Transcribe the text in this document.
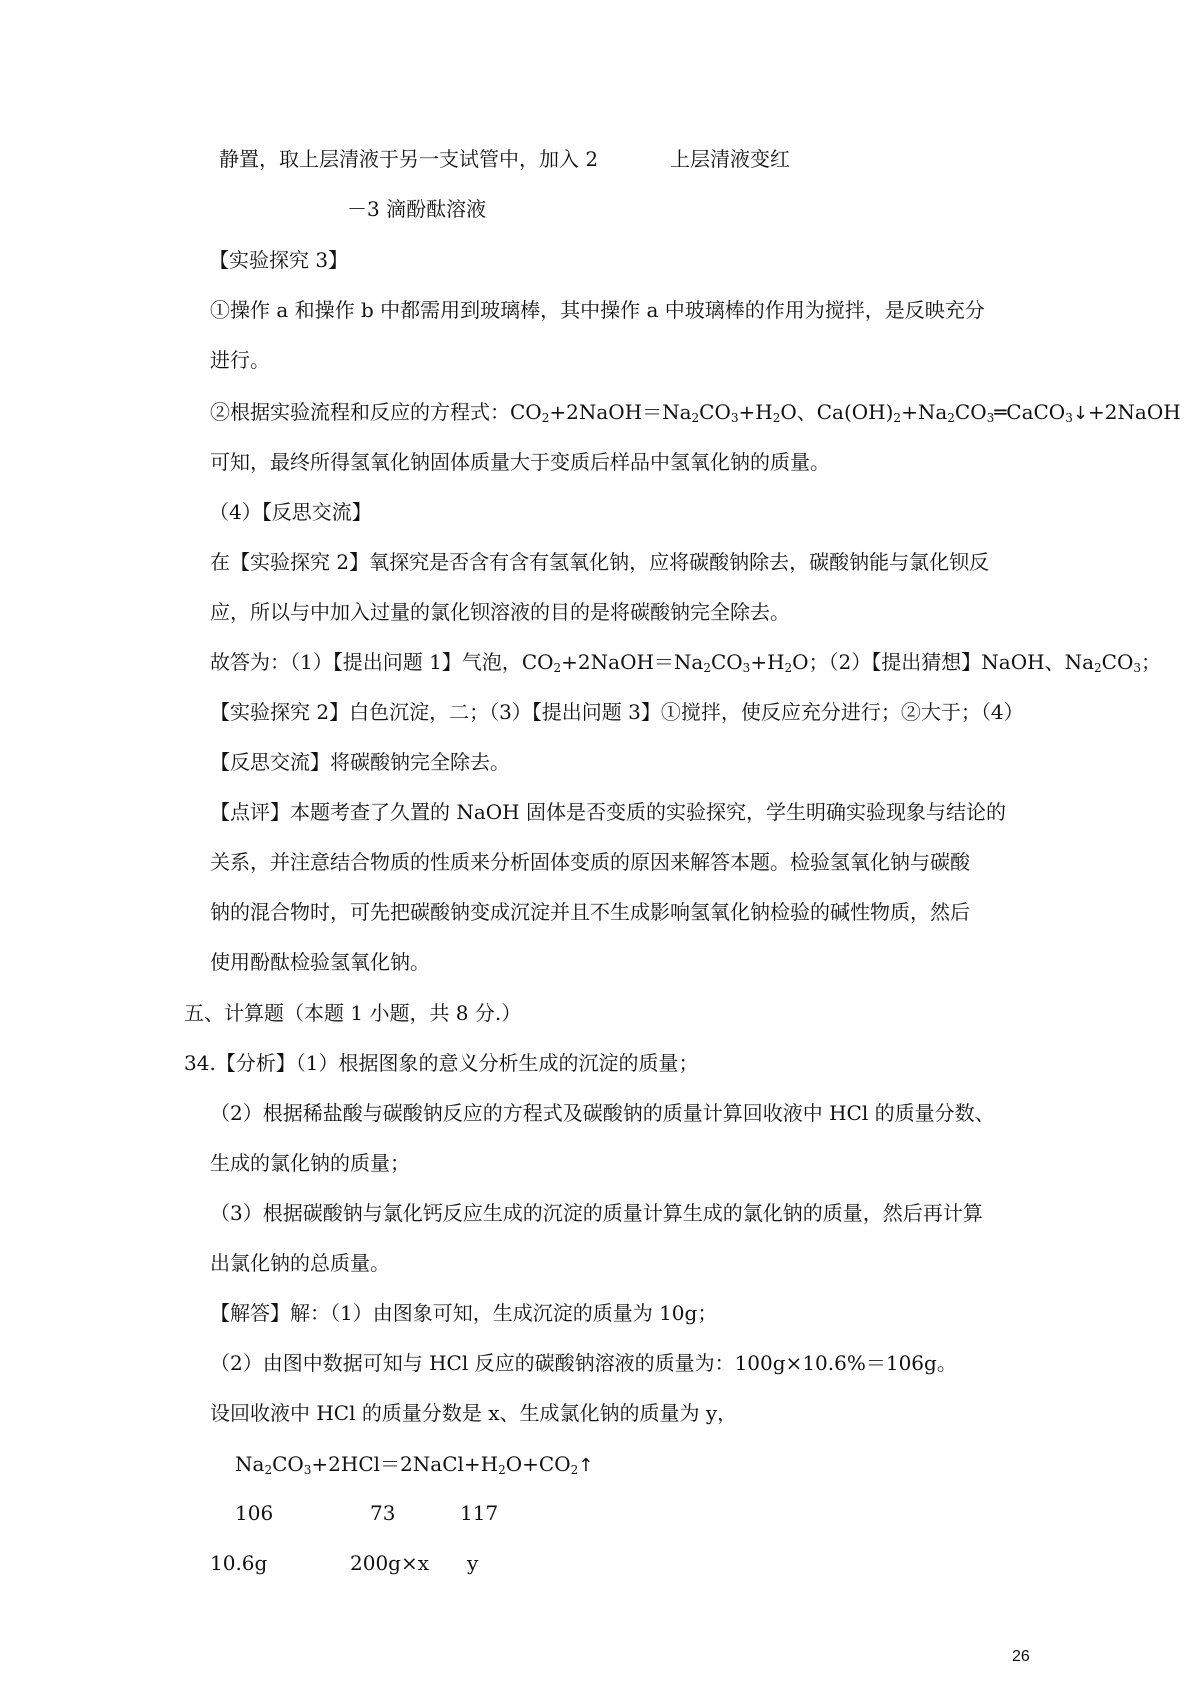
静置，取上层清液于另一支试管中，加入 2	上层清液变红
－3 滴酚酞溶液
【实验探究 3】
①操作 a 和操作 b 中都需用到玻璃棒，其中操作 a 中玻璃棒的作用为搅拌，是反映充分
进行。
②根据实验流程和反应的方程式：$CO_2+2NaOH=Na_2CO_3+H_2O$、$Ca(OH)_2+Na_2CO_3═CaCO_3↓+2NaOH$
可知，最终所得氢氧化钠固体质量大于变质后样品中氢氧化钠的质量。
（4）【反思交流】
在【实验探究 2】氧探究是否含有含有氢氧化钠，应将碳酸钠除去，碳酸钠能与氯化钡反
应，所以与中加入过量的氯化钡溶液的目的是将碳酸钠完全除去。
故答为：（1）【提出问题 1】气泡，$CO_2+2NaOH=Na_2CO_3+H_2O$；（2）【提出猜想】NaOH、$Na_2CO_3$；
【实验探究 2】白色沉淀，二；（3）【提出问题 3】①搅拌，使反应充分进行；②大于；（4）
【反思交流】将碳酸钠完全除去。
【点评】本题考查了久置的 NaOH 固体是否变质的实验探究，学生明确实验现象与结论的
关系，并注意结合物质的性质来分析固体变质的原因来解答本题。检验氢氧化钠与碳酸
钠的混合物时，可先把碳酸钠变成沉淀并且不生成影响氢氧化钠检验的碱性物质，然后
使用酚酞检验氢氧化钠。
五、计算题（本题 1 小题，共 8 分.）
34.【分析】（1）根据图象的意义分析生成的沉淀的质量；
（2）根据稀盐酸与碳酸钠反应的方程式及碳酸钠的质量计算回收液中 HCl 的质量分数、
生成的氯化钠的质量；
（3）根据碳酸钠与氯化钙反应生成的沉淀的质量计算生成的氯化钠的质量，然后再计算
出氯化钠的总质量。
【解答】解：（1）由图象可知，生成沉淀的质量为 10g；
（2）由图中数据可知与 HCl 反应的碳酸钠溶液的质量为：100g×10.6%＝106g。
设回收液中 HCl 的质量分数是 x、生成氯化钠的质量为 y，
$Na_2CO_3+2HCl=2NaCl+H_2O+CO_2↑$
106	73	117
10.6g	200g×x y
26
